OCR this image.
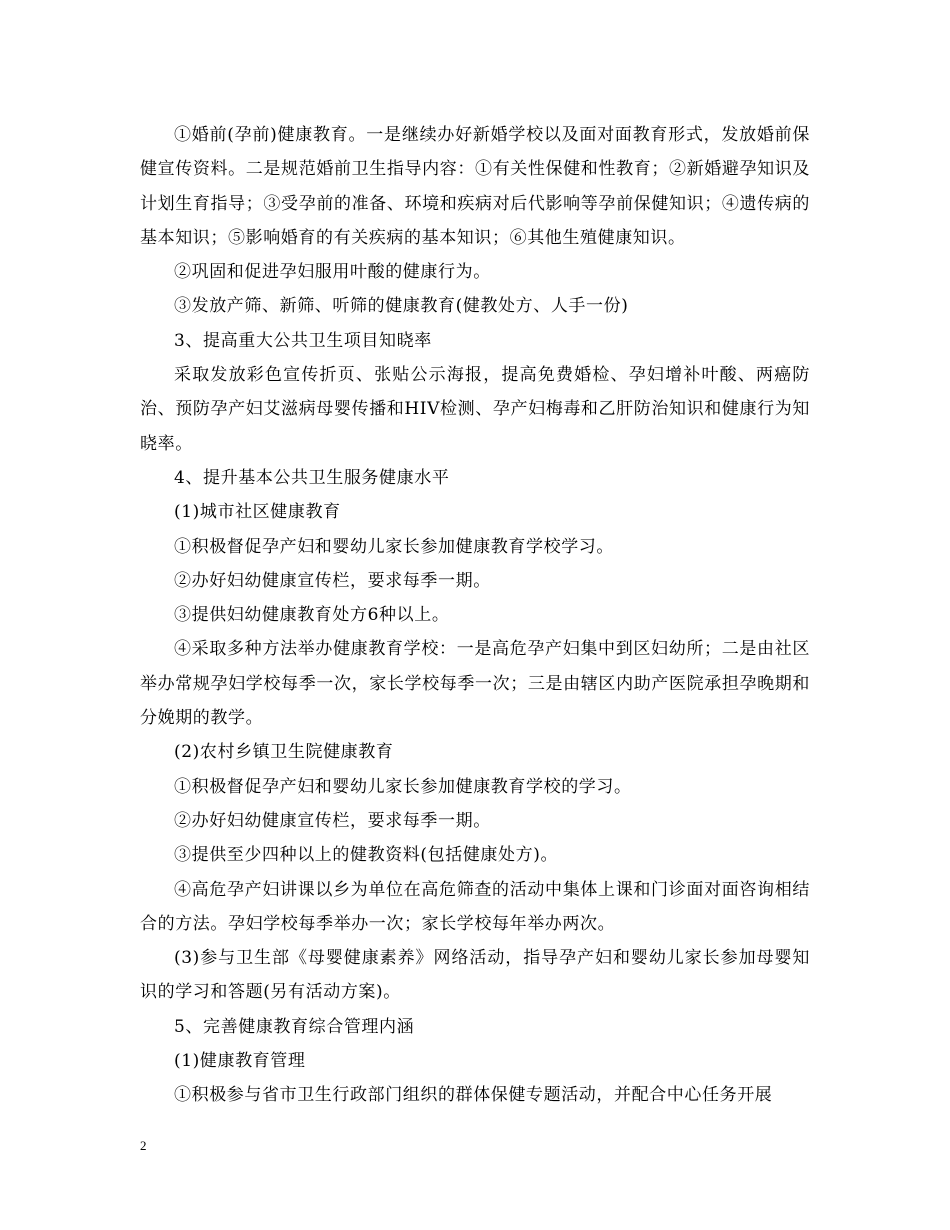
①婚前(孕前)健康教育。一是继续办好新婚学校以及面对面教育形式，发放婚前保健宣传资料。二是规范婚前卫生指导内容：①有关性保健和性教育；②新婚避孕知识及计划生育指导；③受孕前的准备、环境和疾病对后代影响等孕前保健知识；④遗传病的基本知识；⑤影响婚育的有关疾病的基本知识；⑥其他生殖健康知识。

②巩固和促进孕妇服用叶酸的健康行为。

③发放产筛、新筛、听筛的健康教育(健教处方、人手一份)

3、提高重大公共卫生项目知晓率

采取发放彩色宣传折页、张贴公示海报，提高免费婚检、孕妇增补叶酸、两癌防治、预防孕产妇艾滋病母婴传播和HIV检测、孕产妇梅毒和乙肝防治知识和健康行为知晓率。

4、提升基本公共卫生服务健康水平

(1)城市社区健康教育

①积极督促孕产妇和婴幼儿家长参加健康教育学校学习。

②办好妇幼健康宣传栏，要求每季一期。

③提供妇幼健康教育处方6种以上。

④采取多种方法举办健康教育学校：一是高危孕产妇集中到区妇幼所；二是由社区举办常规孕妇学校每季一次，家长学校每季一次；三是由辖区内助产医院承担孕晚期和分娩期的教学。

(2)农村乡镇卫生院健康教育

①积极督促孕产妇和婴幼儿家长参加健康教育学校的学习。

②办好妇幼健康宣传栏，要求每季一期。

③提供至少四种以上的健教资料(包括健康处方)。

④高危孕产妇讲课以乡为单位在高危筛查的活动中集体上课和门诊面对面咨询相结合的方法。孕妇学校每季举办一次；家长学校每年举办两次。

(3)参与卫生部《母婴健康素养》网络活动，指导孕产妇和婴幼儿家长参加母婴知识的学习和答题(另有活动方案)。

5、完善健康教育综合管理内涵

(1)健康教育管理

①积极参与省市卫生行政部门组织的群体保健专题活动，并配合中心任务开展

2
